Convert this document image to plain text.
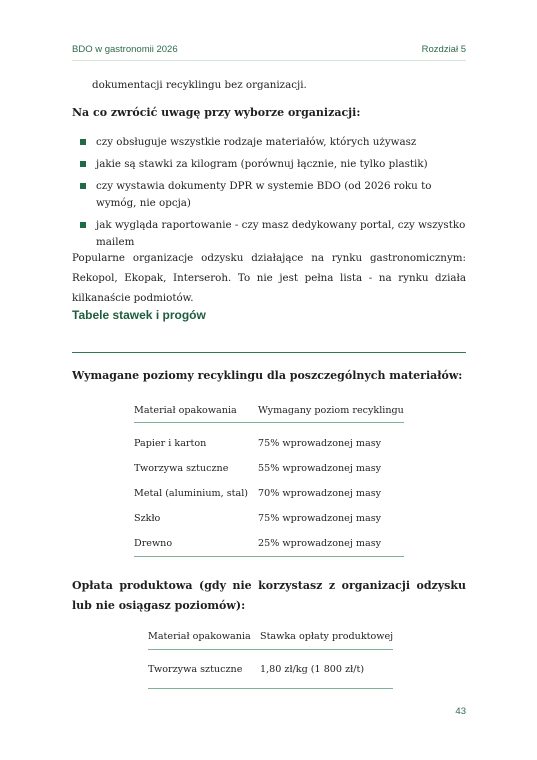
BDO w gastronomii 2026	Rozdział 5
dokumentacji recyklingu bez organizacji.
Na co zwrócić uwagę przy wyborze organizacji:
czy obsługuje wszystkie rodzaje materiałów, których używasz
jakie są stawki za kilogram (porównuj łącznie, nie tylko plastik)
czy wystawia dokumenty DPR w systemie BDO (od 2026 roku to wymóg, nie opcja)
jak wygląda raportowanie - czy masz dedykowany portal, czy wszystko mailem
Popularne organizacje odzysku działające na rynku gastronomicznym: Rekopol, Ekopak, Interseroh. To nie jest pełna lista - na rynku działa kilkanaście podmiotów.
Tabele stawek i progów
Wymagane poziomy recyklingu dla poszczególnych materiałów:
Materiał opakowania	Wymagany poziom recyklingu
Papier i karton	75% wprowadzonej masy
Tworzywa sztuczne	55% wprowadzonej masy
Metal (aluminium, stal)	70% wprowadzonej masy
Szkło	75% wprowadzonej masy
Drewno	25% wprowadzonej masy
Opłata produktowa (gdy nie korzystasz z organizacji odzysku lub nie osiągasz poziomów):
Materiał opakowania	Stawka opłaty produktowej
Tworzywa sztuczne	1,80 zł/kg (1 800 zł/t)
43
